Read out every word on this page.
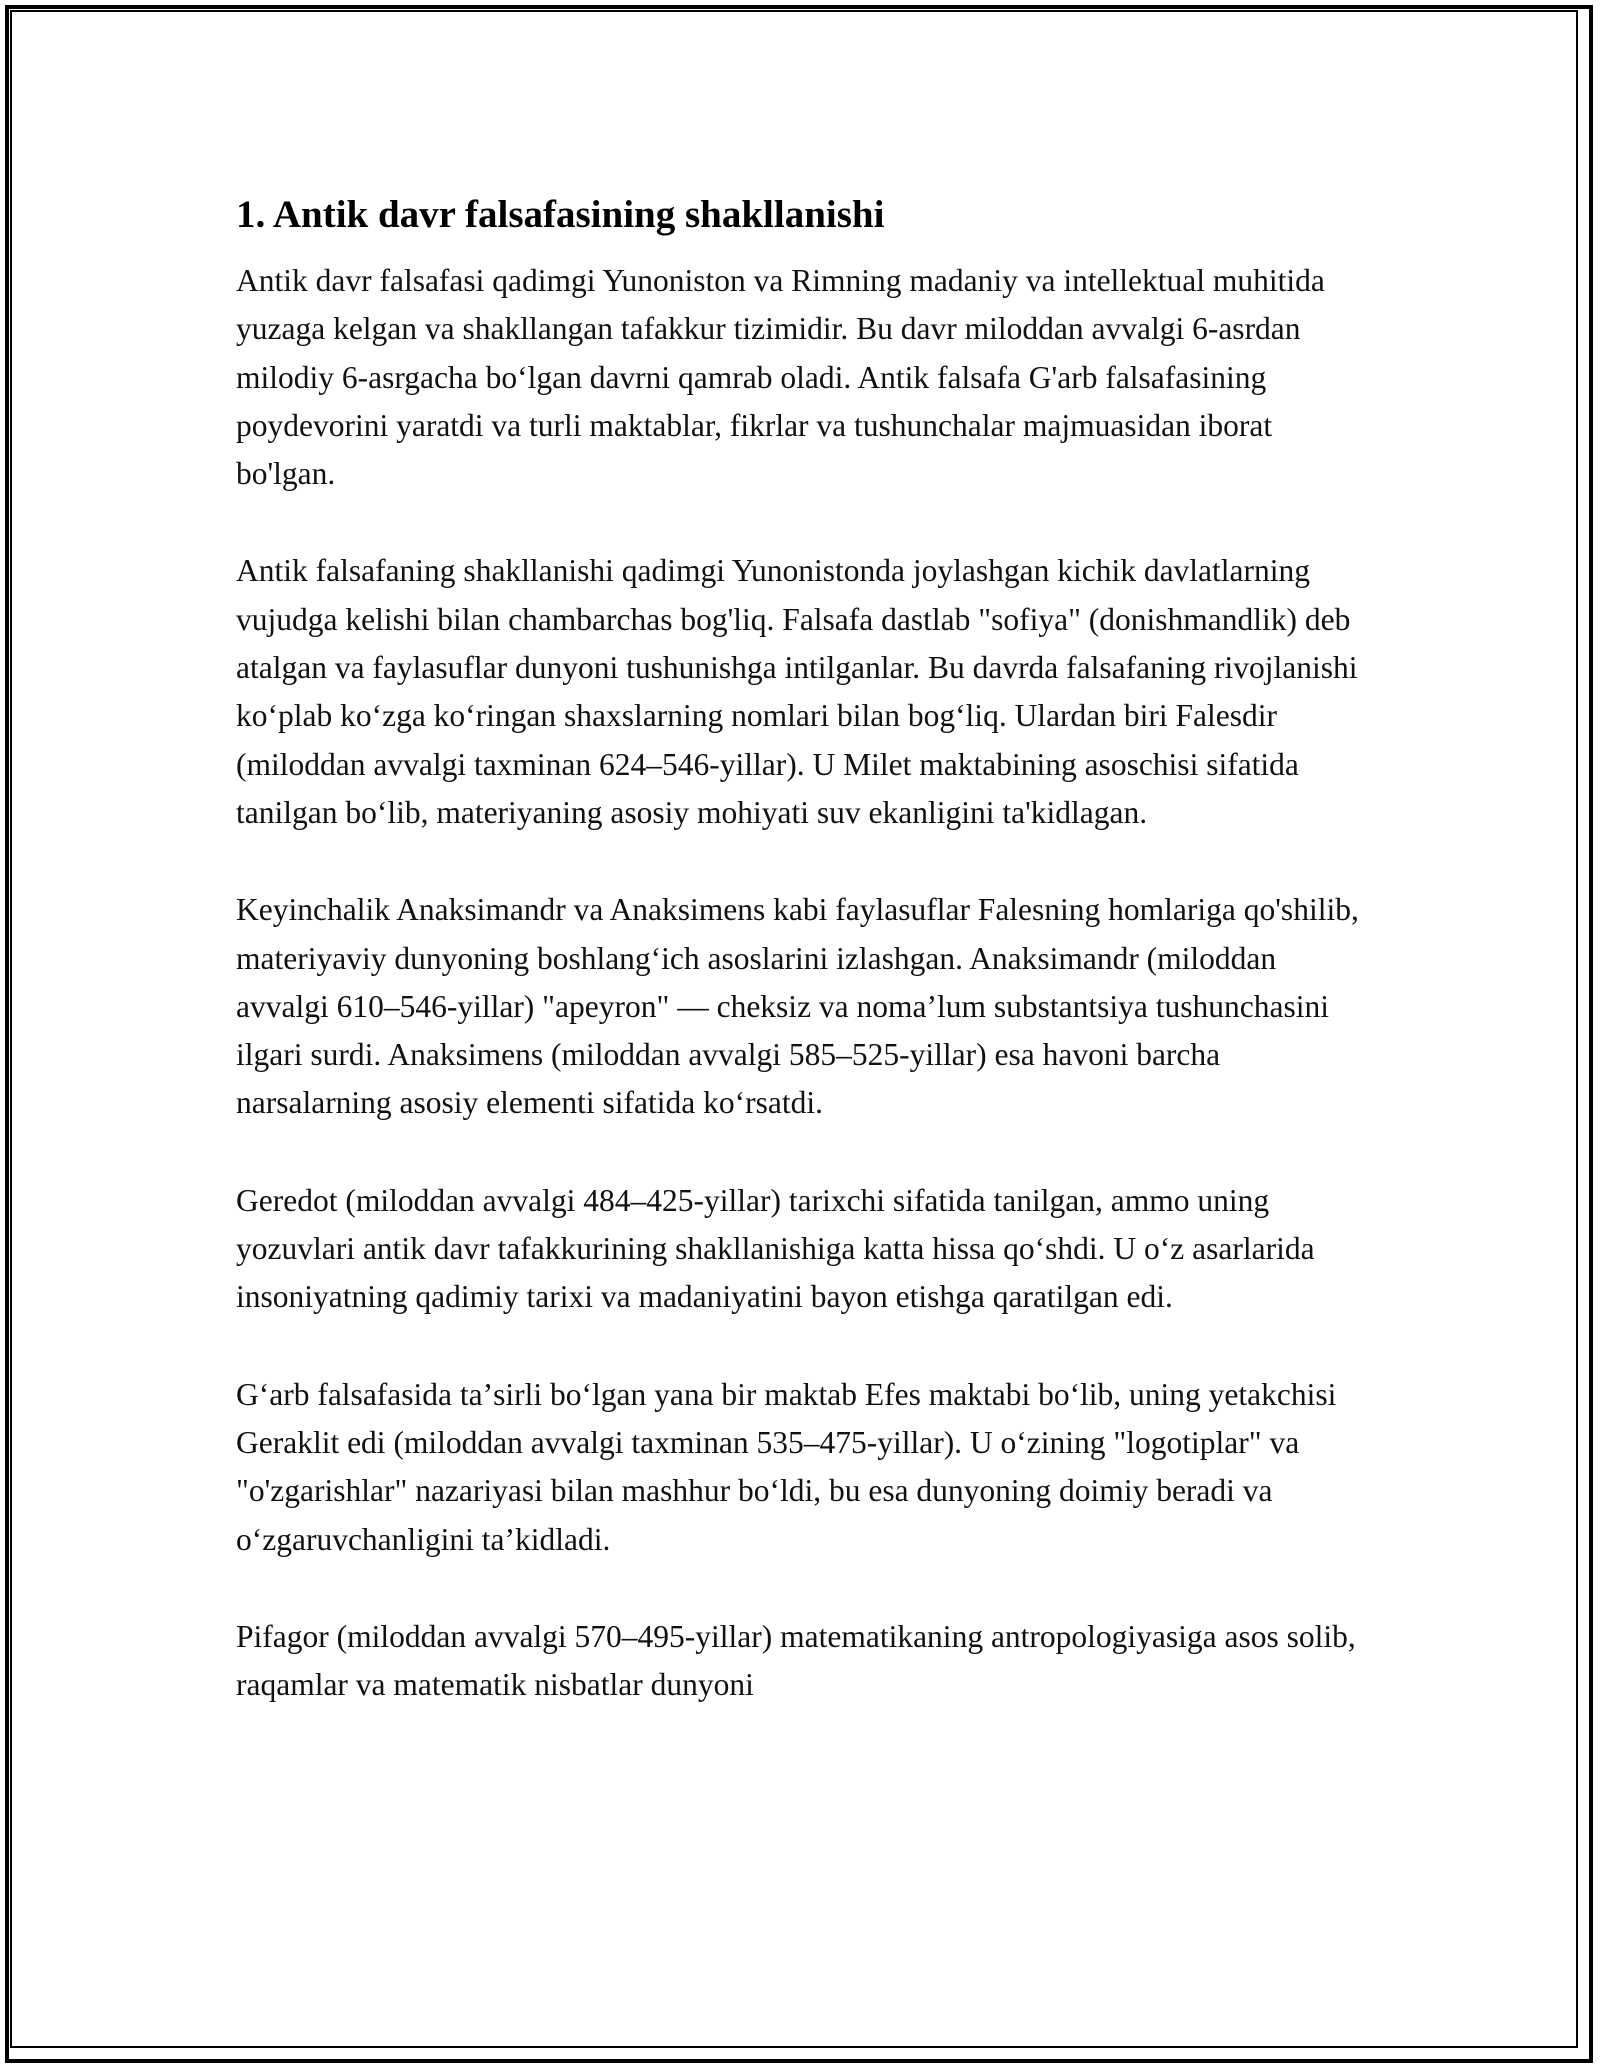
1. Antik davr falsafasining shakllanishi

Antik davr falsafasi qadimgi Yunoniston va Rimning madaniy va intellektual muhitida yuzaga kelgan va shakllangan tafakkur tizimidir. Bu davr miloddan avvalgi 6-asrdan milodiy 6-asrgacha boʻlgan davrni qamrab oladi. Antik falsafa G'arb falsafasining poydevorini yaratdi va turli maktablar, fikrlar va tushunchalar majmuasidan iborat bo'lgan.

Antik falsafaning shakllanishi qadimgi Yunonistonda joylashgan kichik davlatlarning vujudga kelishi bilan chambarchas bog'liq. Falsafa dastlab "sofiya" (donishmandlik) deb atalgan va faylasuflar dunyoni tushunishga intilganlar. Bu davrda falsafaning rivojlanishi koʻplab koʻzga koʻringan shaxslarning nomlari bilan bogʻliq. Ulardan biri Falesdir (miloddan avvalgi taxminan 624–546-yillar). U Milet maktabining asoschisi sifatida tanilgan boʻlib, materiyaning asosiy mohiyati suv ekanligini ta'kidlagan.

Keyinchalik Anaksimandr va Anaksimens kabi faylasuflar Falesning homlariga qo'shilib, materiyaviy dunyoning boshlangʻich asoslarini izlashgan. Anaksimandr (miloddan avvalgi 610–546-yillar) "apeyron" — cheksiz va nomaʼlum substantsiya tushunchasini ilgari surdi. Anaksimens (miloddan avvalgi 585–525-yillar) esa havoni barcha narsalarning asosiy elementi sifatida koʻrsatdi.

Geredot (miloddan avvalgi 484–425-yillar) tarixchi sifatida tanilgan, ammo uning yozuvlari antik davr tafakkurining shakllanishiga katta hissa qoʻshdi. U oʻz asarlarida insoniyatning qadimiy tarixi va madaniyatini bayon etishga qaratilgan edi.

Gʻarb falsafasida taʼsirli boʻlgan yana bir maktab Efes maktabi boʻlib, uning yetakchisi Geraklit edi (miloddan avvalgi taxminan 535–475-yillar). U oʻzining "logotiplar" va "o'zgarishlar" nazariyasi bilan mashhur boʻldi, bu esa dunyoning doimiy beradi va oʻzgaruvchanligini taʼkidladi.

Pifagor (miloddan avvalgi 570–495-yillar) matematikaning antropologiyasiga asos solib, raqamlar va matematik nisbatlar dunyoni
